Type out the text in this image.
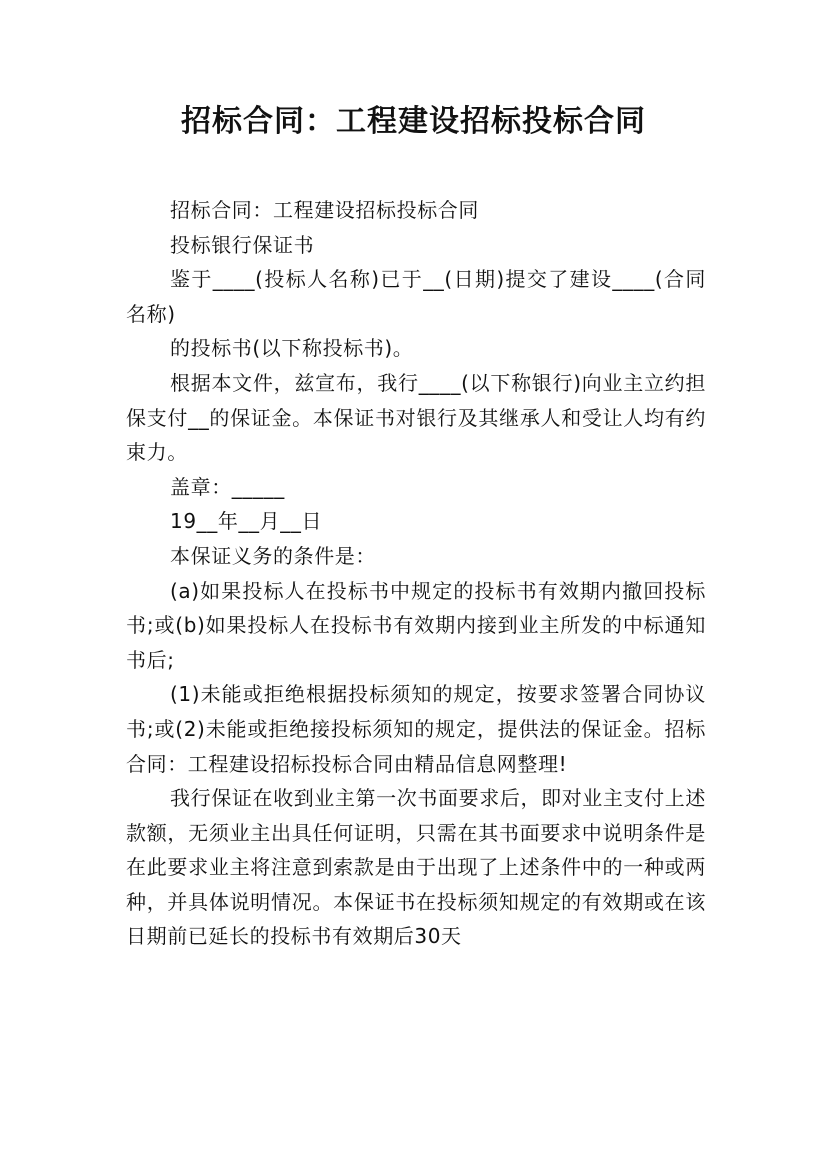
招标合同：工程建设招标投标合同

招标合同：工程建设招标投标合同

投标银行保证书

鉴于____(投标人名称)已于__(日期)提交了建设____(合同名称)

的投标书(以下称投标书)。

根据本文件，兹宣布，我行____(以下称银行)向业主立约担保支付__的保证金。本保证书对银行及其继承人和受让人均有约束力。

盖章：_____

19__年__月__日

本保证义务的条件是：

(a)如果投标人在投标书中规定的投标书有效期内撤回投标书;或(b)如果投标人在投标书有效期内接到业主所发的中标通知书后;

(1)未能或拒绝根据投标须知的规定，按要求签署合同协议书;或(2)未能或拒绝接投标须知的规定，提供法的保证金。招标合同：工程建设招标投标合同由精品信息网整理!

我行保证在收到业主第一次书面要求后，即对业主支付上述款额，无须业主出具任何证明，只需在其书面要求中说明条件是在此要求业主将注意到索款是由于出现了上述条件中的一种或两种，并具体说明情况。本保证书在投标须知规定的有效期或在该日期前已延长的投标书有效期后30天
